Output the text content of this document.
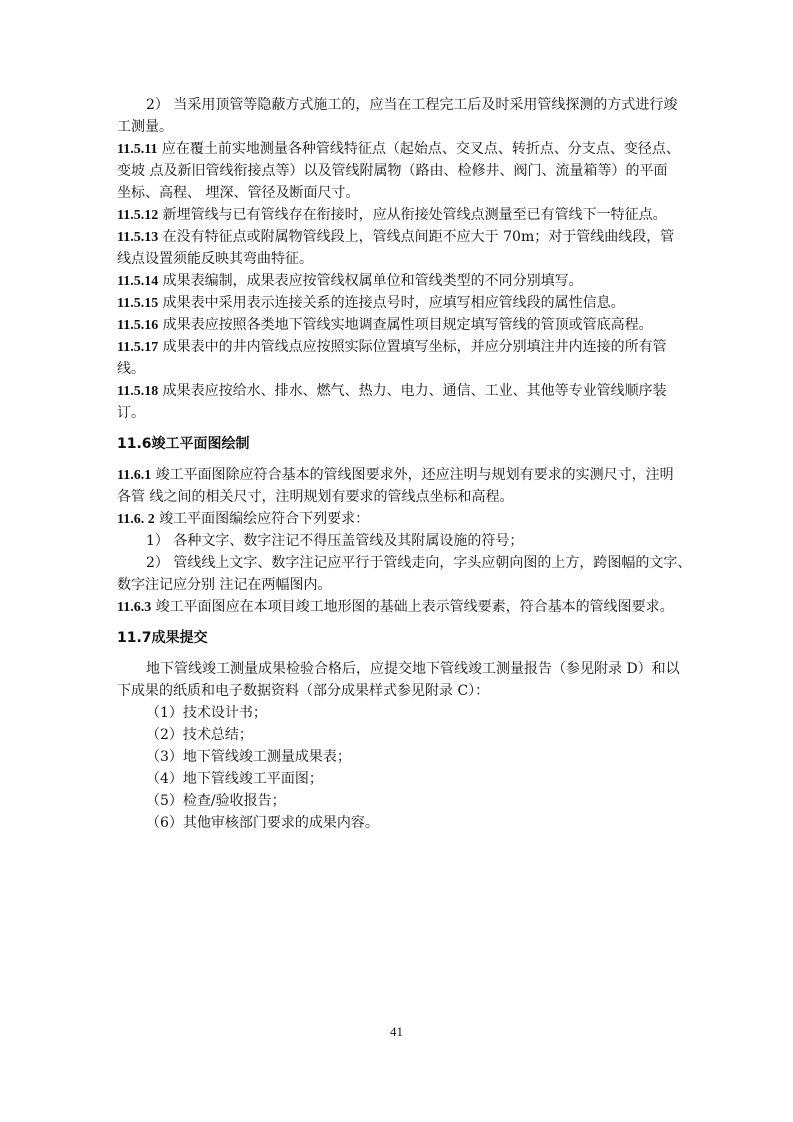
2） 当采用顶管等隐蔽方式施工的，应当在工程完工后及时采用管线探测的方式进行竣
工测量。
11.5.11 应在覆土前实地测量各种管线特征点（起始点、交叉点、转折点、分支点、变径点、
变坡 点及新旧管线衔接点等）以及管线附属物（路由、检修井、阀门、流量箱等）的平面
坐标、高程、 埋深、管径及断面尺寸。
11.5.12 新埋管线与已有管线存在衔接时，应从衔接处管线点测量至已有管线下一特征点。
11.5.13 在没有特征点或附属物管线段上，管线点间距不应大于 70m；对于管线曲线段，管
线点设置须能反映其弯曲特征。
11.5.14 成果表编制，成果表应按管线权属单位和管线类型的不同分别填写。
11.5.15 成果表中采用表示连接关系的连接点号时，应填写相应管线段的属性信息。
11.5.16 成果表应按照各类地下管线实地调查属性项目规定填写管线的管顶或管底高程。
11.5.17 成果表中的井内管线点应按照实际位置填写坐标，并应分别填注井内连接的所有管
线。
11.5.18 成果表应按给水、排水、燃气、热力、电力、通信、工业、其他等专业管线顺序装
订。
11.6竣工平面图绘制
11.6.1 竣工平面图除应符合基本的管线图要求外，还应注明与规划有要求的实测尺寸，注明
各管 线之间的相关尺寸，注明规划有要求的管线点坐标和高程。
11.6. 2 竣工平面图编绘应符合下列要求：
1） 各种文字、数字注记不得压盖管线及其附属设施的符号；
2） 管线线上文字、数字注记应平行于管线走向，字头应朝向图的上方，跨图幅的文字、
数字注记应分别 注记在两幅图内。
11.6.3 竣工平面图应在本项目竣工地形图的基础上表示管线要素，符合基本的管线图要求。
11.7成果提交
地下管线竣工测量成果检验合格后，应提交地下管线竣工测量报告（参见附录 D）和以
下成果的纸质和电子数据资料（部分成果样式参见附录 C）：
（1）技术设计书；
（2）技术总结；
（3）地下管线竣工测量成果表；
（4）地下管线竣工平面图；
（5）检查/验收报告；
（6）其他审核部门要求的成果内容。
41
